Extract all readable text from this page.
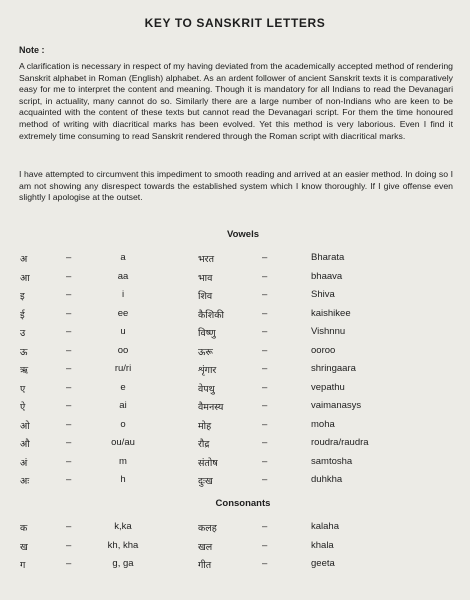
KEY TO SANSKRIT LETTERS
Note :

A clarification is necessary in respect of my having deviated from the academically accepted method of rendering Sanskrit alphabet in Roman (English) alphabet. As an ardent follower of ancient Sanskrit texts it is comparatively easy for me to interpret the content and meaning. Though it is mandatory for all Indians to read the Devanagari script, in actuality, many cannot do so. Similarly there are a large number of non-Indians who are keen to be acquainted with the content of these texts but cannot read the Devanagari script. For them the time honoured method of writing with diacritical marks has been evolved. Yet this method is very laborious. Even I find it extremely time consuming to read Sanskrit rendered through the Roman script with diacritical marks.

I have attempted to circumvent this impediment to smooth reading and arrived at an easier method. In doing so I am not showing any disrespect towards the established system which I know thoroughly. If I give offense even slightly I apologise at the outset.

Vowels
अ	–	a	भरत	–	Bharata
आ	–	aa	भाव	–	bhaava
इ	–	i	शिव	–	Shiva
ई	–	ee	कैशिकी	–	kaishikee
उ	–	u	विष्णु	–	Vishnnu
ऊ	–	oo	ऊरू	–	ooroo
ऋ	–	ru/ri	शृंगार	–	shringaara
ए	–	e	वेपथु	–	vepathu
ऐ	–	ai	वैमनस्य	–	vaimanasys
ओ	–	o	मोह	–	moha
औ	–	ou/au	रौद्र	–	roudra/raudra
अं	–	m	संतोष	–	samtosha
अः	–	h	दुःख	–	duhkha
Consonants
क	–	k,ka	कलह	–	kalaha
ख	–	kh, kha	खल	–	khala
ग	–	g, ga	गीत	–	geeta
